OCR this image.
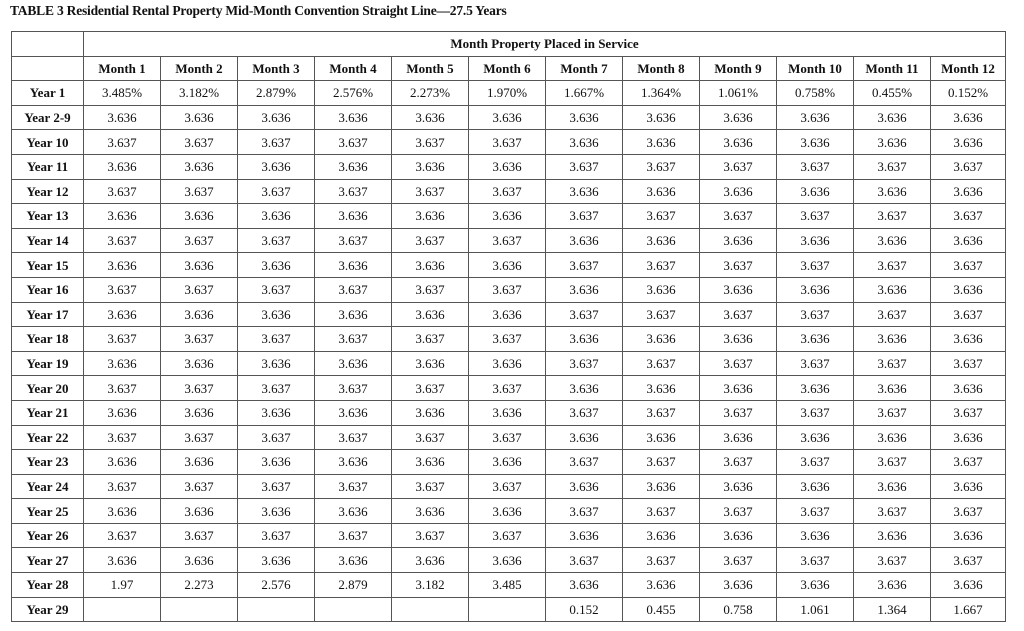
TABLE 3 Residential Rental Property Mid-Month Convention Straight Line—27.5 Years
	Month Property Placed in Service											
	Month 1	Month 2	Month 3	Month 4	Month 5	Month 6	Month 7	Month 8	Month 9	Month 10	Month 11	Month 12
Year 1	3.485%	3.182%	2.879%	2.576%	2.273%	1.970%	1.667%	1.364%	1.061%	0.758%	0.455%	0.152%
Year 2-9	3.636	3.636	3.636	3.636	3.636	3.636	3.636	3.636	3.636	3.636	3.636	3.636
Year 10	3.637	3.637	3.637	3.637	3.637	3.637	3.636	3.636	3.636	3.636	3.636	3.636
Year 11	3.636	3.636	3.636	3.636	3.636	3.636	3.637	3.637	3.637	3.637	3.637	3.637
Year 12	3.637	3.637	3.637	3.637	3.637	3.637	3.636	3.636	3.636	3.636	3.636	3.636
Year 13	3.636	3.636	3.636	3.636	3.636	3.636	3.637	3.637	3.637	3.637	3.637	3.637
Year 14	3.637	3.637	3.637	3.637	3.637	3.637	3.636	3.636	3.636	3.636	3.636	3.636
Year 15	3.636	3.636	3.636	3.636	3.636	3.636	3.637	3.637	3.637	3.637	3.637	3.637
Year 16	3.637	3.637	3.637	3.637	3.637	3.637	3.636	3.636	3.636	3.636	3.636	3.636
Year 17	3.636	3.636	3.636	3.636	3.636	3.636	3.637	3.637	3.637	3.637	3.637	3.637
Year 18	3.637	3.637	3.637	3.637	3.637	3.637	3.636	3.636	3.636	3.636	3.636	3.636
Year 19	3.636	3.636	3.636	3.636	3.636	3.636	3.637	3.637	3.637	3.637	3.637	3.637
Year 20	3.637	3.637	3.637	3.637	3.637	3.637	3.636	3.636	3.636	3.636	3.636	3.636
Year 21	3.636	3.636	3.636	3.636	3.636	3.636	3.637	3.637	3.637	3.637	3.637	3.637
Year 22	3.637	3.637	3.637	3.637	3.637	3.637	3.636	3.636	3.636	3.636	3.636	3.636
Year 23	3.636	3.636	3.636	3.636	3.636	3.636	3.637	3.637	3.637	3.637	3.637	3.637
Year 24	3.637	3.637	3.637	3.637	3.637	3.637	3.636	3.636	3.636	3.636	3.636	3.636
Year 25	3.636	3.636	3.636	3.636	3.636	3.636	3.637	3.637	3.637	3.637	3.637	3.637
Year 26	3.637	3.637	3.637	3.637	3.637	3.637	3.636	3.636	3.636	3.636	3.636	3.636
Year 27	3.636	3.636	3.636	3.636	3.636	3.636	3.637	3.637	3.637	3.637	3.637	3.637
Year 28	1.97	2.273	2.576	2.879	3.182	3.485	3.636	3.636	3.636	3.636	3.636	3.636
Year 29							0.152	0.455	0.758	1.061	1.364	1.667
